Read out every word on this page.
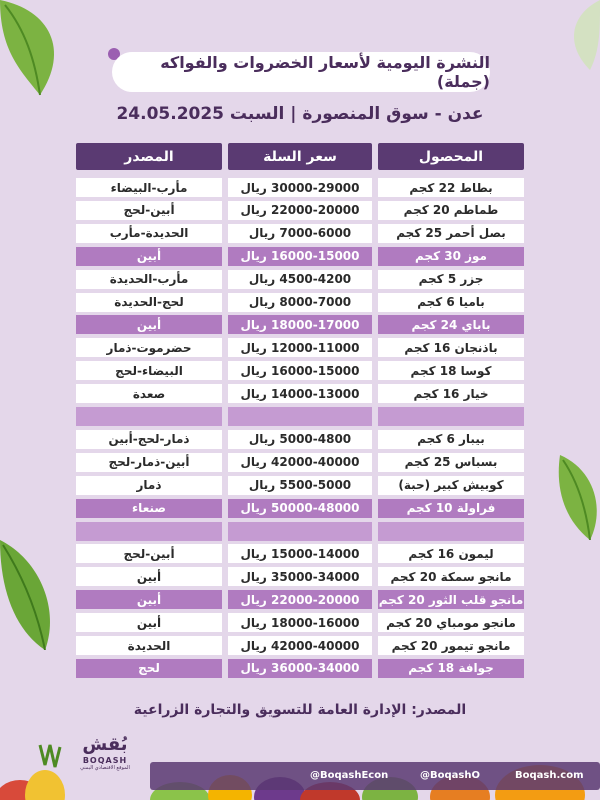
النشرة اليومية لأسعار الخضروات والفواكه (جملة)
عدن - سوق المنصورة | السبت 24.05.2025
المحصول
سعر السلة
المصدر
بطاط 22 كجم
30000-29000 ريال
مأرب-البيضاء
طماطم 20 كجم
22000-20000 ريال
أبين-لحج
بصل أحمر 25 كجم
7000-6000 ريال
الحديدة-مأرب
موز 30 كجم
16000-15000 ريال
أبين
جزر 5 كجم
4500-4200 ريال
مأرب-الحديدة
باميا 6 كجم
8000-7000 ريال
لحج-الحديدة
باباي 24 كجم
18000-17000 ريال
أبين
باذنجان 16 كجم
12000-11000 ريال
حضرموت-ذمار
كوسا 18 كجم
16000-15000 ريال
البيضاء-لحج
خيار 16 كجم
14000-13000 ريال
صعدة
بيبار 6 كجم
5000-4800 ريال
ذمار-لحج-أبين
بسباس 25 كجم
42000-40000 ريال
أبين-ذمار-لحج
كوبيش كبير (حبة)
5500-5000 ريال
ذمار
فراولة 10 كجم
50000-48000 ريال
صنعاء
ليمون 16 كجم
15000-14000 ريال
أبين-لحج
مانجو سمكة 20 كجم
35000-34000 ريال
أبين
مانجو قلب الثور 20 كجم
22000-20000 ريال
أبين
مانجو مومباي 20 كجم
18000-16000 ريال
أبين
مانجو تيمور 20 كجم
42000-40000 ريال
الحديدة
جوافة 18 كجم
36000-34000 ريال
لحج
المصدر: الإدارة العامة للتسويق والتجارة الزراعية
@BoqashEcon	@BoqashO	Boqash.com
بُقش
BOQASH
الموقع الاقتصادي اليمني
